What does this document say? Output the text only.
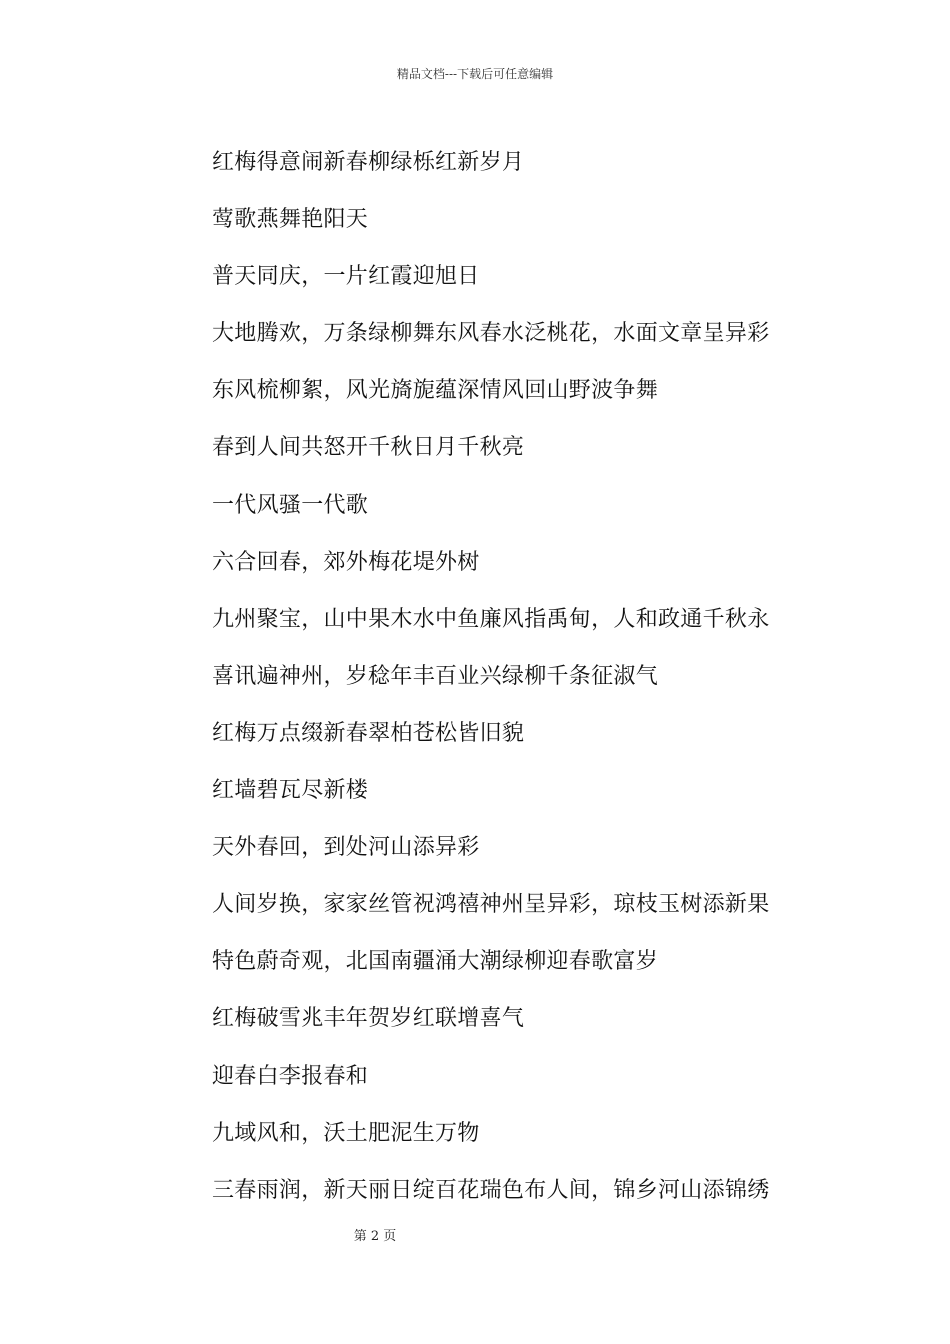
精品文档---下载后可任意编辑
红梅得意闹新春柳绿栎红新岁月
莺歌燕舞艳阳天
普天同庆，一片红霞迎旭日
大地腾欢，万条绿柳舞东风春水泛桃花，水面文章呈异彩
东风梳柳絮，风光旖旎蕴深情风回山野波争舞
春到人间共怒开千秋日月千秋亮
一代风骚一代歌
六合回春，郊外梅花堤外树
九州聚宝，山中果木水中鱼廉风指禹甸，人和政通千秋永
喜讯遍神州，岁稔年丰百业兴绿柳千条征淑气
红梅万点缀新春翠柏苍松皆旧貌
红墙碧瓦尽新楼
天外春回，到处河山添异彩
人间岁换，家家丝管祝鸿禧神州呈异彩，琼枝玉树添新果
特色蔚奇观，北国南疆涌大潮绿柳迎春歌富岁
红梅破雪兆丰年贺岁红联增喜气
迎春白李报春和
九域风和，沃土肥泥生万物
三春雨润，新天丽日绽百花瑞色布人间，锦乡河山添锦绣
第 2 页
